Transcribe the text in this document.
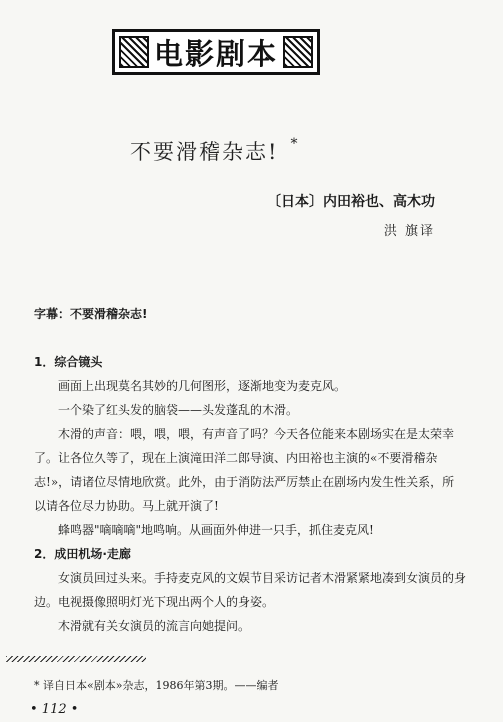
电影剧本
不要滑稽杂志! *
〔日本〕内田裕也、高木功
洪 旗译

字幕：不要滑稽杂志!

1．综合镜头

画面上出现莫名其妙的几何图形，逐渐地变为麦克风。

一个染了红头发的脑袋——头发蓬乱的木滑。

木滑的声音：喂，喂，喂，有声音了吗？今天各位能来本剧场实在是太荣幸了。让各位久等了，现在上演滝田洋二郎导演、内田裕也主演的«不要滑稽杂志!»，请诸位尽情地欣赏。此外，由于消防法严厉禁止在剧场内发生性关系，所以请各位尽力协助。马上就开演了!

蜂鸣器"嘀嘀嘀"地鸣响。从画面外伸进一只手，抓住麦克风!

2．成田机场·走廊

女演员回过头来。手持麦克风的文娱节目采访记者木滑紧紧地凑到女演员的身边。电视摄像照明灯光下现出两个人的身姿。

木滑就有关女演员的流言向她提问。

* 译自日本«剧本»杂志，1986年第3期。——编者
• 112 •
